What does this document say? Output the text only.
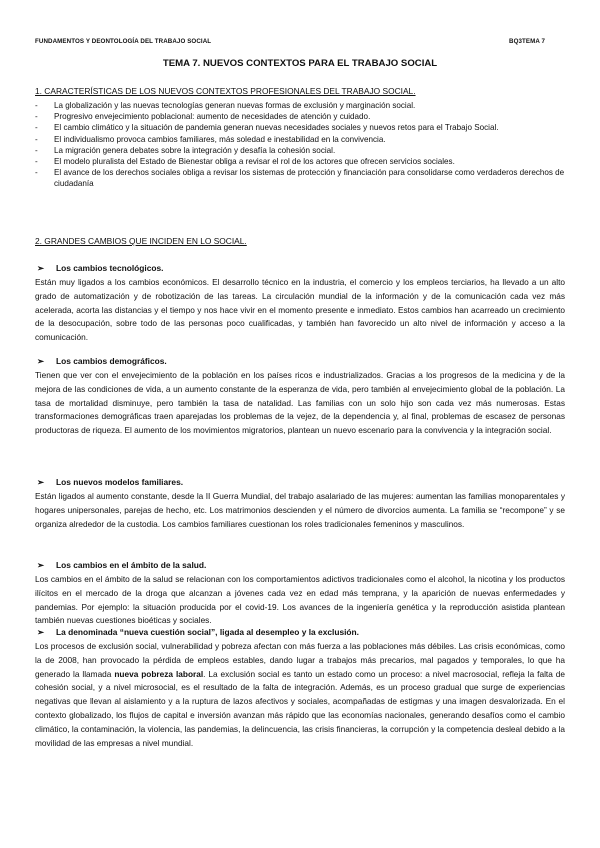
FUNDAMENTOS Y DEONTOLOGÍA DEL TRABAJO SOCIAL	BQ3TEMA 7
TEMA 7. NUEVOS CONTEXTOS PARA EL TRABAJO SOCIAL
1. CARACTERÍSTICAS DE LOS NUEVOS CONTEXTOS PROFESIONALES DEL TRABAJO SOCIAL.
- La globalización y las nuevas tecnologías generan nuevas formas de exclusión y marginación social.
- Progresivo envejecimiento poblacional: aumento de necesidades de atención y cuidado.
- El cambio climático y la situación de pandemia generan nuevas necesidades sociales y nuevos retos para el Trabajo Social.
- El individualismo provoca cambios familiares, más soledad e inestabilidad en la convivencia.
- La migración genera debates sobre la integración y desafía la cohesión social.
- El modelo pluralista del Estado de Bienestar obliga a revisar el rol de los actores que ofrecen servicios sociales.
- El avance de los derechos sociales obliga a revisar los sistemas de protección y financiación para consolidarse como verdaderos derechos de ciudadanía
2. GRANDES CAMBIOS QUE INCIDEN EN LO SOCIAL.
➢ Los cambios tecnológicos.
Están muy ligados a los cambios económicos. El desarrollo técnico en la industria, el comercio y los empleos terciarios, ha llevado a un alto grado de automatización y de robotización de las tareas. La circulación mundial de la información y de la comunicación cada vez más acelerada, acorta las distancias y el tiempo y nos hace vivir en el momento presente e inmediato. Estos cambios han acarreado un crecimiento de la desocupación, sobre todo de las personas poco cualificadas, y también han favorecido un alto nivel de información y acceso a la comunicación.
➢ Los cambios demográficos.
Tienen que ver con el envejecimiento de la población en los países ricos e industrializados. Gracias a los progresos de la medicina y de la mejora de las condiciones de vida, a un aumento constante de la esperanza de vida, pero también al envejecimiento global de la población. La tasa de mortalidad disminuye, pero también la tasa de natalidad. Las familias con un solo hijo son cada vez más numerosas. Estas transformaciones demográficas traen aparejadas los problemas de la vejez, de la dependencia y, al final, problemas de escasez de personas productoras de riqueza. El aumento de los movimientos migratorios, plantean un nuevo escenario para la convivencia y la integración social.
➢ Los nuevos modelos familiares.
Están ligados al aumento constante, desde la II Guerra Mundial, del trabajo asalariado de las mujeres: aumentan las familias monoparentales y hogares unipersonales, parejas de hecho, etc. Los matrimonios descienden y el número de divorcios aumenta. La familia se “recompone” y se organiza alrededor de la custodia. Los cambios familiares cuestionan los roles tradicionales femeninos y masculinos.
➢ Los cambios en el ámbito de la salud.
Los cambios en el ámbito de la salud se relacionan con los comportamientos adictivos tradicionales como el alcohol, la nicotina y los productos ilícitos en el mercado de la droga que alcanzan a jóvenes cada vez en edad más temprana, y la aparición de nuevas enfermedades y pandemias. Por ejemplo: la situación producida por el covid-19. Los avances de la ingeniería genética y la reproducción asistida plantean también nuevas cuestiones bioéticas y sociales.
➢ La denominada “nueva cuestión social”, ligada al desempleo y la exclusión.
Los procesos de exclusión social, vulnerabilidad y pobreza afectan con más fuerza a las poblaciones más débiles. Las crisis económicas, como la de 2008, han provocado la pérdida de empleos estables, dando lugar a trabajos más precarios, mal pagados y temporales, lo que ha generado la llamada nueva pobreza laboral. La exclusión social es tanto un estado como un proceso: a nivel macrosocial, refleja la falta de cohesión social, y a nivel microsocial, es el resultado de la falta de integración. Además, es un proceso gradual que surge de experiencias negativas que llevan al aislamiento y a la ruptura de lazos afectivos y sociales, acompañadas de estigmas y una imagen desvalorizada. En el contexto globalizado, los flujos de capital e inversión avanzan más rápido que las economías nacionales, generando desafíos como el cambio climático, la contaminación, la violencia, las pandemias, la delincuencia, las crisis financieras, la corrupción y la competencia desleal debido a la movilidad de las empresas a nivel mundial.
